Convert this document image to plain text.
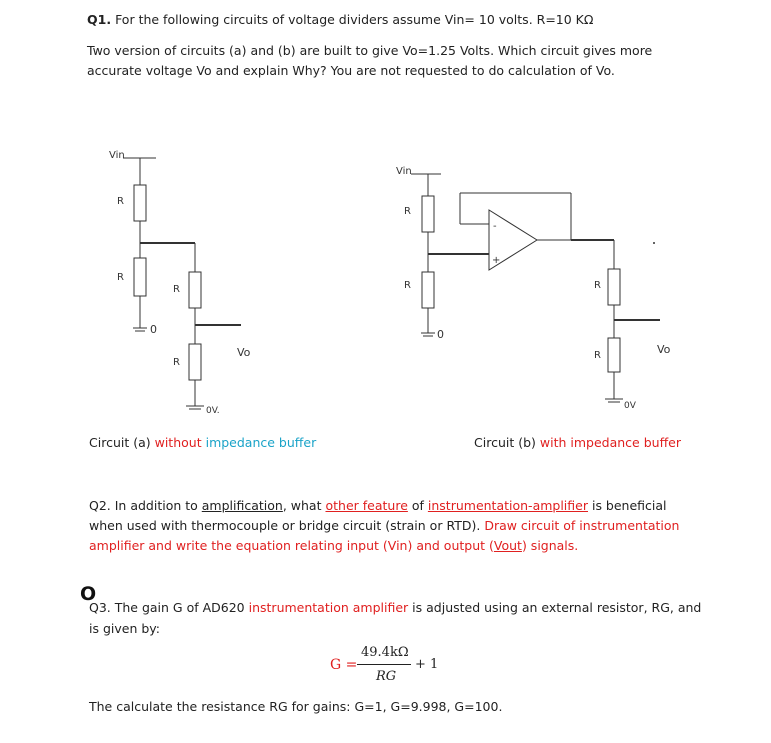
Q1. For the following circuits of voltage dividers assume Vin= 10 volts. R=10 KΩ
Two version of circuits (a) and (b) are built to give Vo=1.25 Volts. Which circuit gives more
accurate voltage Vo and explain Why? You are not requested to do calculation of Vo.
Vin
R
R
R
R
0
Vo
0V.
Vin
R
R	R
R
0
Vo
0V
-
+
Circuit (a) without impedance buffer	Circuit (b) with impedance buffer
Q2. In addition to amplification, what other feature of instrumentation-amplifier is beneficial
when used with thermocouple or bridge circuit (strain or RTD). Draw circuit of instrumentation
amplifier and write the equation relating input (Vin) and output (Vout) signals.
O
Q3. The gain G of AD620 instrumentation amplifier is adjusted using an external resistor, RG, and
is given by:
G =
49.4kΩ
RG
+ 1
The calculate the resistance RG for gains: G=1, G=9.998, G=100.
